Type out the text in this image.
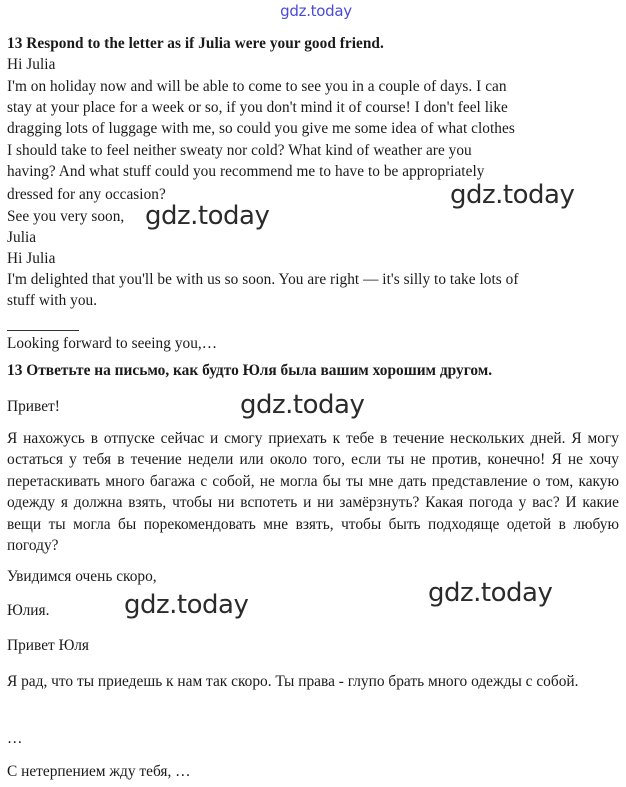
gdz.today
13 Respond to the letter as if Julia were your good friend.
Hi Julia
I'm on holiday now and will be able to come to see you in a couple of days. I can
stay at your place for a week or so, if you don't mind it of course! I don't feel like
dragging lots of luggage with me, so could you give me some idea of what clothes
I should take to feel neither sweaty nor cold? What kind of weather are you
having? And what stuff could you recommend me to have to be appropriately
dressed for any occasion?
See you very soon,
Julia
Hi Julia
I'm delighted that you'll be with us so soon. You are right — it's silly to take lots of
stuff with you.
Looking forward to seeing you,…
13 Ответьте на письмо, как будто Юля была вашим хорошим другом.
Привет!
Я нахожусь в отпуске сейчас и смогу приехать к тебе в течение нескольких дней. Я могу остаться у тебя в течение недели или около того, если ты не против, конечно! Я не хочу перетаскивать много багажа с собой, не могла бы ты мне дать представление о том, какую одежду я должна взять, чтобы ни вспотеть и ни замёрзнуть? Какая погода у вас? И какие вещи ты могла бы порекомендовать мне взять, чтобы быть подходяще одетой в любую погоду?
Увидимся очень скоро,
Юлия.
Привет Юля
Я рад, что ты приедешь к нам так скоро. Ты права - глупо брать много одежды с собой.
…
С нетерпением жду тебя, …
gdz.today
gdz.today
gdz.today
gdz.today
gdz.today
